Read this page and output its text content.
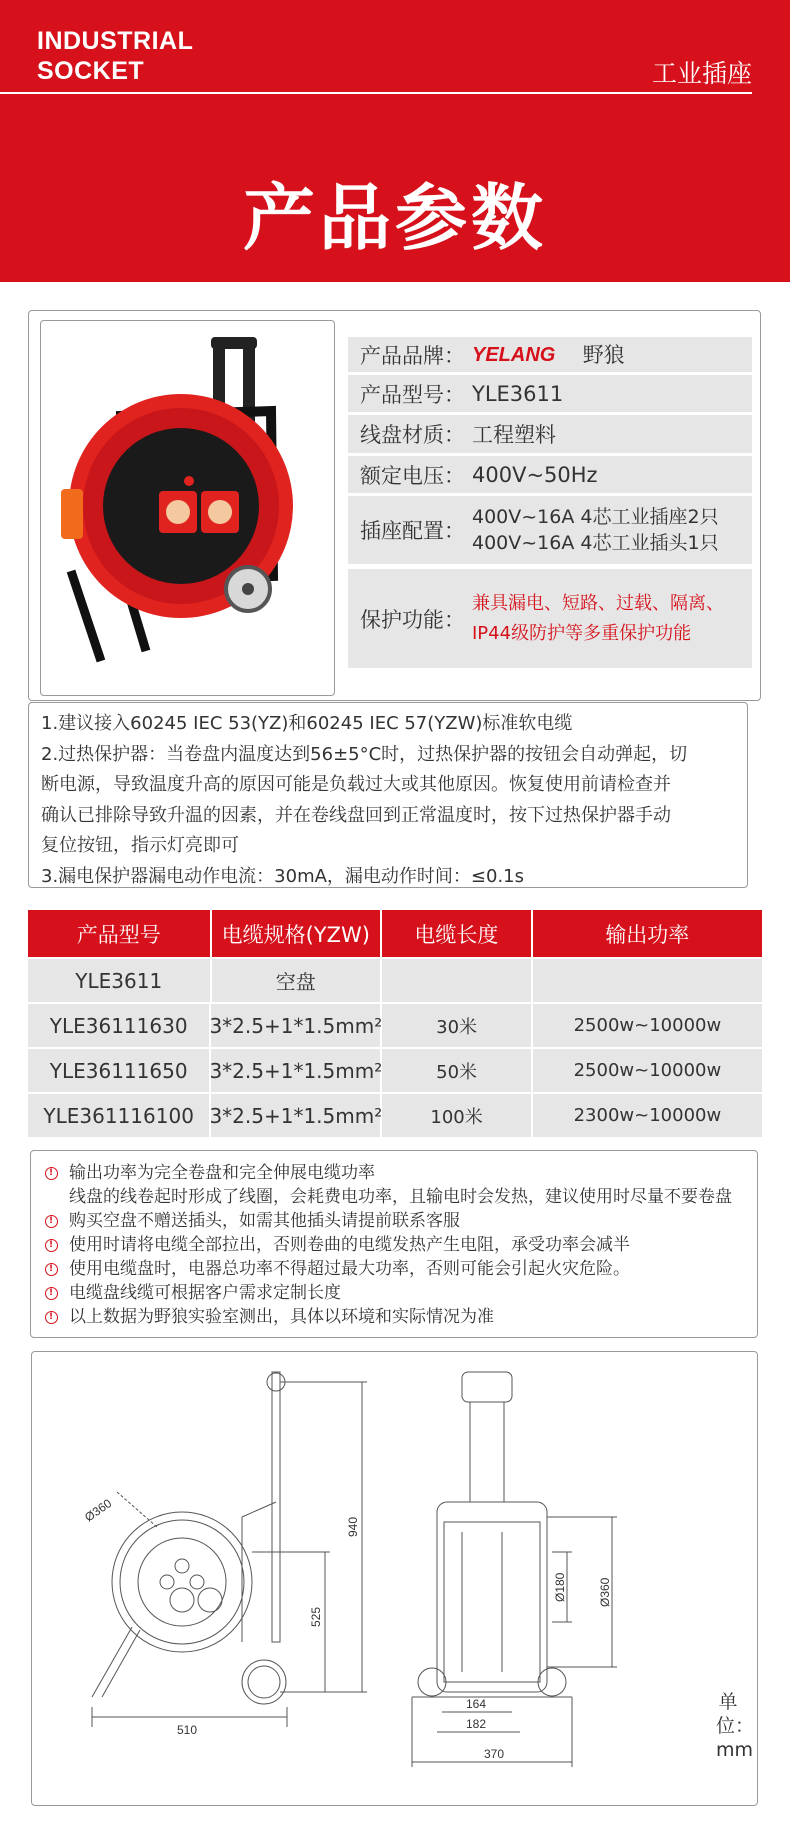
INDUSTRIAL
SOCKET	工业插座
产品参数
产品品牌： YELANG 野狼
产品型号： YLE3611
线盘材质： 工程塑料
额定电压： 400V~50Hz
插座配置：
400V~16A 4芯工业插座2只
400V~16A 4芯工业插头1只
保护功能：
兼具漏电、短路、过载、隔离、
IP44级防护等多重保护功能
1.建议接入60245 IEC 53(YZ)和60245 IEC 57(YZW)标准软电缆
2.过热保护器：当卷盘内温度达到56±5°C时，过热保护器的按钮会自动弹起，切
断电源，导致温度升高的原因可能是负载过大或其他原因。恢复使用前请检查并
确认已排除导致升温的因素，并在卷线盘回到正常温度时，按下过热保护器手动
复位按钮，指示灯亮即可
3.漏电保护器漏电动作电流：30mA，漏电动作时间：≤0.1s
产品型号	电缆规格(YZW)	电缆长度	输出功率
YLE3611	空盘
YLE36111630	3*2.5+1*1.5mm²	30米	2500w~10000w
YLE36111650	3*2.5+1*1.5mm²	50米	2500w~10000w
YLE361116100 3*2.5+1*1.5mm²	100米	2300w~10000w
! 输出功率为完全卷盘和完全伸展电缆功率
线盘的线卷起时形成了线圈，会耗费电功率，且输电时会发热，建议使用时尽量不要卷盘
! 购买空盘不赠送插头，如需其他插头请提前联系客服
! 使用时请将电缆全部拉出，否则卷曲的电缆发热产生电阻，承受功率会减半
! 使用电缆盘时，电器总功率不得超过最大功率，否则可能会引起火灾危险。
! 电缆盘线缆可根据客户需求定制长度
! 以上数据为野狼实验室测出，具体以环境和实际情况为准
Ø360
940
525
510
Ø180	Ø360
164
182
370
单位：mm
